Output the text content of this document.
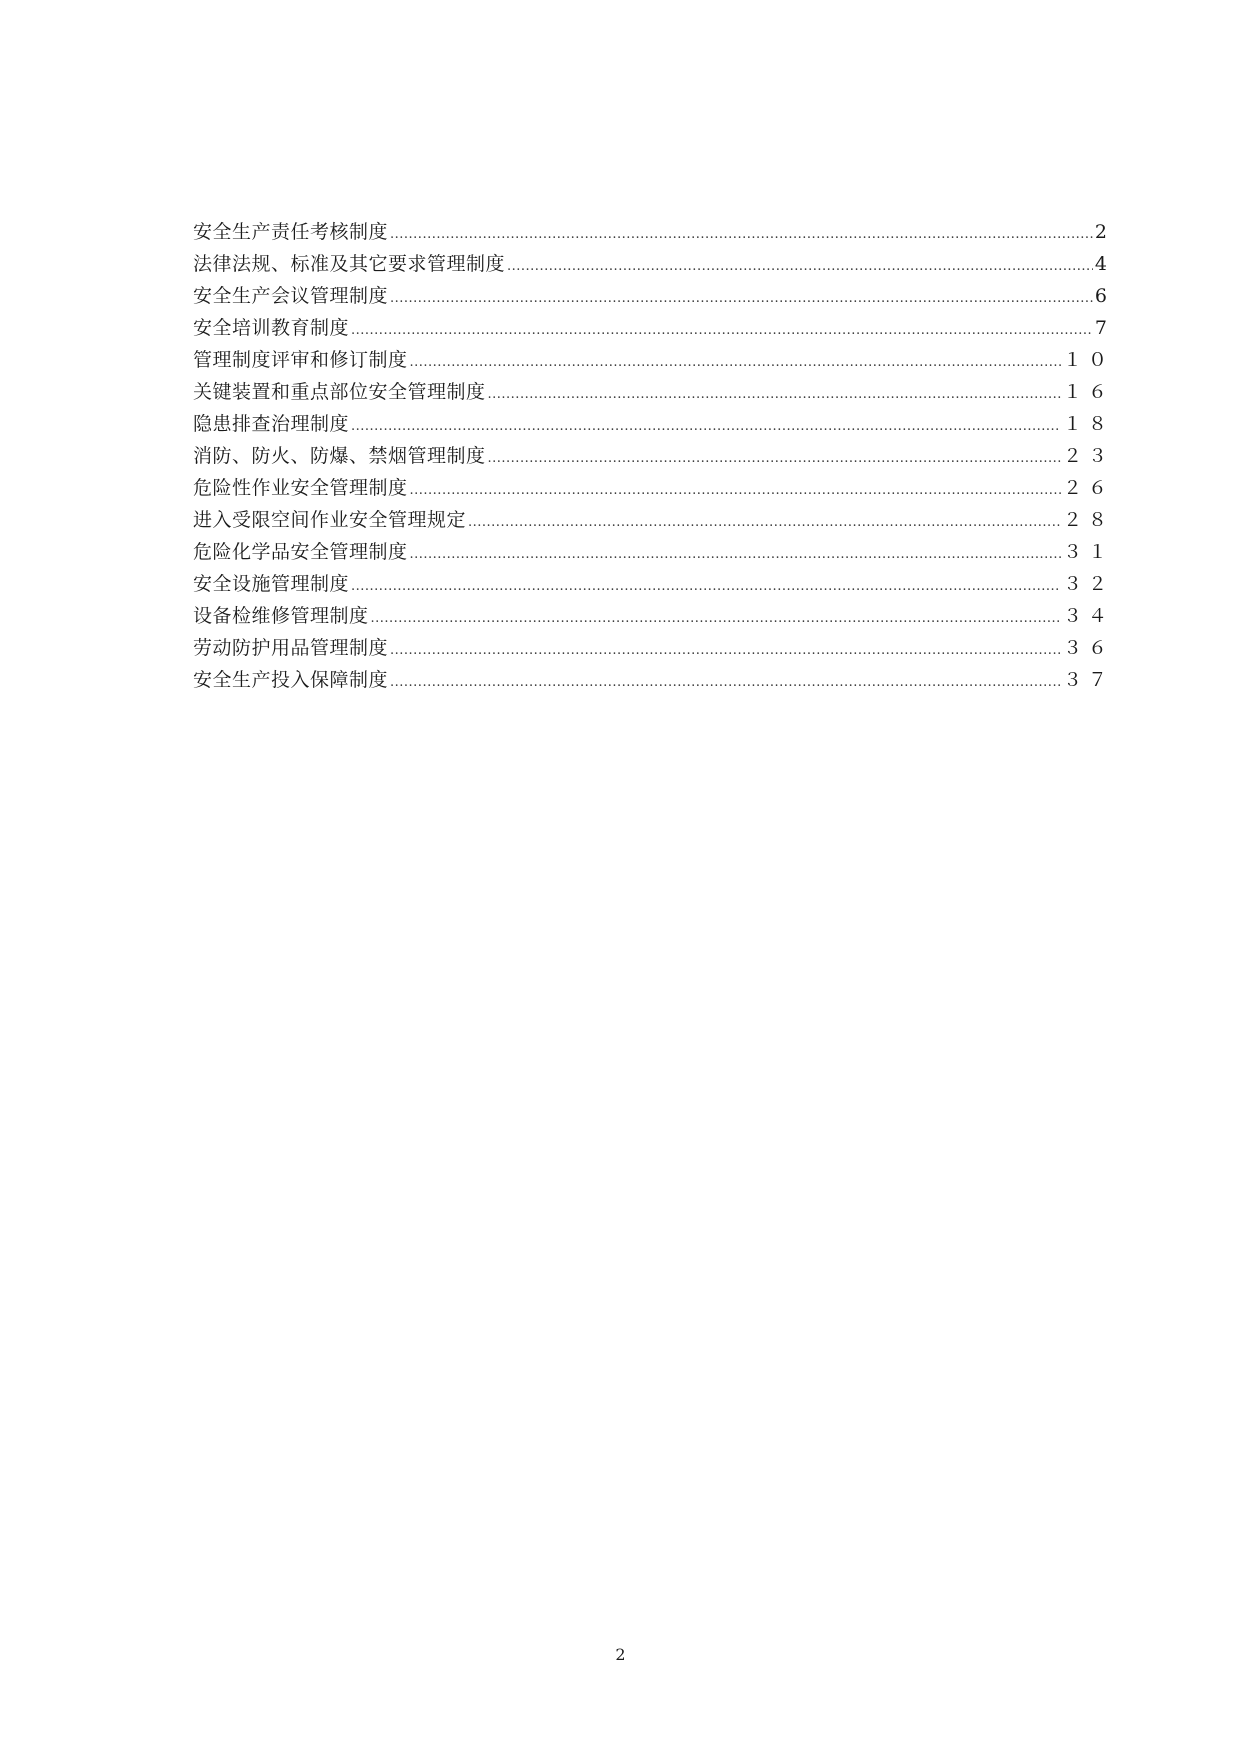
安全生产责任考核制度 .....	2
法律法规、标准及其它要求管理制度 .....	4
安全生产会议管理制度 .....	6
安全培训教育制度 .....	7
管理制度评审和修订制度 .....	１０
关键装置和重点部位安全管理制度 .....	１６
隐患排查治理制度 .....	１８
消防、防火、防爆、禁烟管理制度 .....	２３
危险性作业安全管理制度 .....	２６
进入受限空间作业安全管理规定 .....	２８
危险化学品安全管理制度 .....	３１
安全设施管理制度 .....	３２
设备检维修管理制度 .....	３４
劳动防护用品管理制度 .....	３６
安全生产投入保障制度 .....	３７
2
